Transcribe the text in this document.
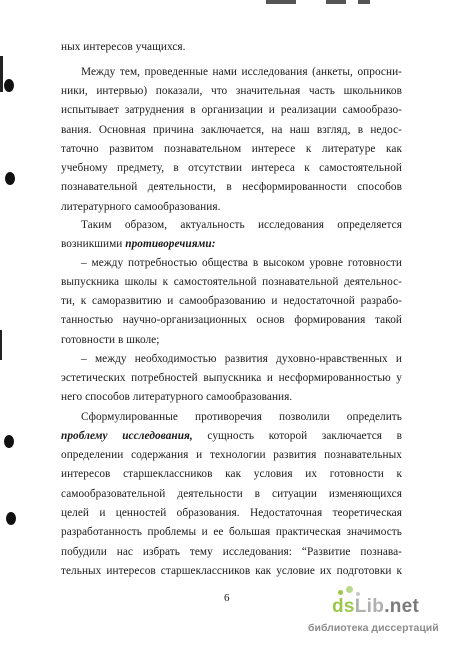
ных интересов учащихся.
Между тем, проведенные нами исследования (анкеты, опросни-
ники, интервью) показали, что значительная часть школьников
испытывает затруднения в организации и реализации самообразо-
вания. Основная причина заключается, на наш взгляд, в недос-
таточно развитом познавательном интересе к литературе как
учебному предмету, в отсутствии интереса к самостоятельной
познавательной деятельности, в несформированности способов
литературного самообразования.
Таким образом, актуальность исследования определяется
возникшими противоречиями:
– между потребностью общества в высоком уровне готовности
выпускника школы к самостоятельной познавательной деятельнос-
ти, к саморазвитию и самообразованию и недостаточной разрабо-
танностью научно-организационных основ формирования такой
готовности в школе;
– между необходимостью развития духовно-нравственных и
эстетических потребностей выпускника и несформированностью у
него способов литературного самообразования.
Сформулированные противоречия позволили определить
проблему исследования, сущность которой заключается в
определении содержания и технологии развития познавательных
интересов старшеклассников как условия их готовности к
самообразовательной деятельности в ситуации изменяющихся
целей и ценностей образования. Недостаточная теоретическая
разработанность проблемы и ее большая практическая значимость
побудили нас избрать тему исследования: “Развитие познава-
тельных интересов старшеклассников как условие их подготовки к
6	dsLib.net
библиотека диссертаций
